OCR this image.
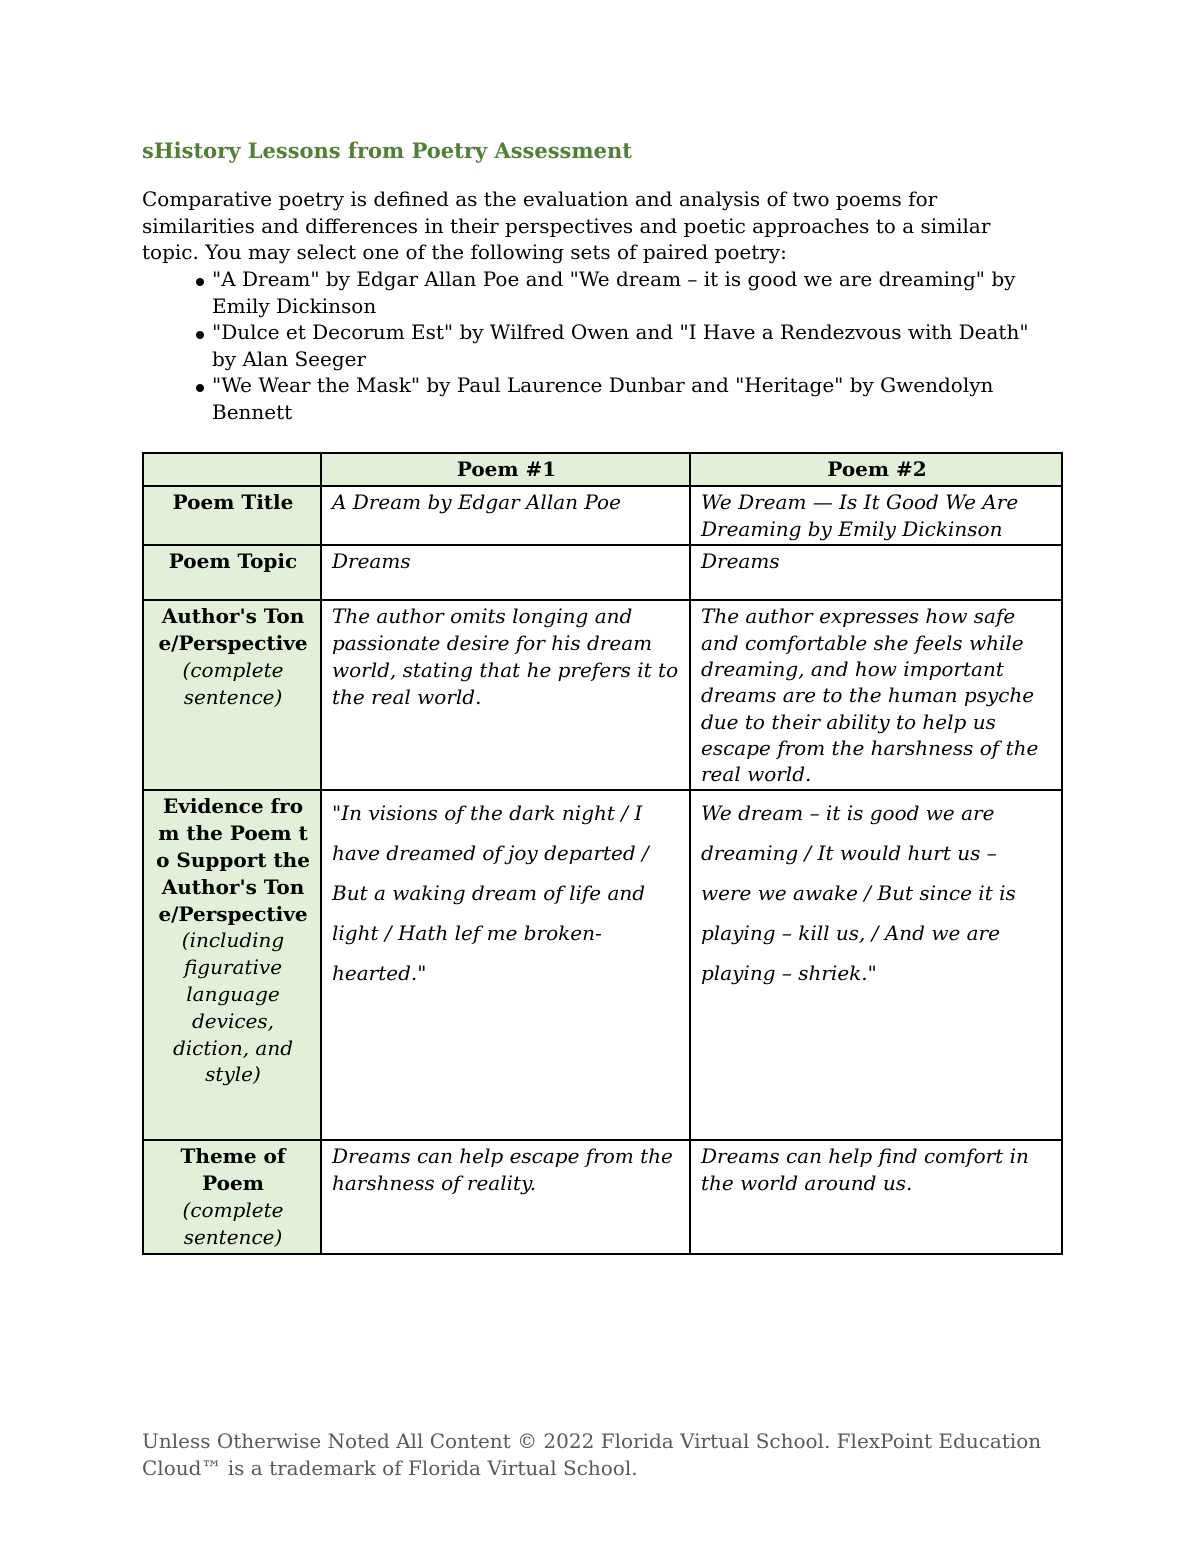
sHistory Lessons from Poetry Assessment

Comparative poetry is defined as the evaluation and analysis of two poems for similarities and differences in their perspectives and poetic approaches to a similar topic. You may select one of the following sets of paired poetry:

"A Dream" by Edgar Allan Poe and "We dream – it is good we are dreaming" by Emily Dickinson
"Dulce et Decorum Est" by Wilfred Owen and "I Have a Rendezvous with Death" by Alan Seeger
"We Wear the Mask" by Paul Laurence Dunbar and "Heritage" by Gwendolyn Bennett
	Poem #1	Poem #2
Poem Title	A Dream by Edgar Allan Poe	We Dream — Is It Good We Are Dreaming by Emily Dickinson
Poem Topic	Dreams	Dreams
Author's Tone/Perspective
(complete sentence)	The author omits longing and passionate desire for his dream world, stating that he prefers it to the real world.	The author expresses how safe and comfortable she feels while dreaming, and how important dreams are to the human psyche due to their ability to help us escape from the harshness of the real world.
Evidence from the Poem to Support the Author's Tone/Perspective
(including figurative language devices, diction, and style)	"In visions of the dark night / I have dreamed of joy departed / But a waking dream of life and light / Hath lef me broken-hearted."	We dream – it is good we are dreaming / It would hurt us – were we awake / But since it is playing – kill us, / And we are playing – shriek."
Theme of Poem
(complete sentence)	Dreams can help escape from the harshness of reality.	Dreams can help find comfort in the world around us.

Unless Otherwise Noted All Content © 2022 Florida Virtual School. FlexPoint Education Cloud™ is a trademark of Florida Virtual School.
